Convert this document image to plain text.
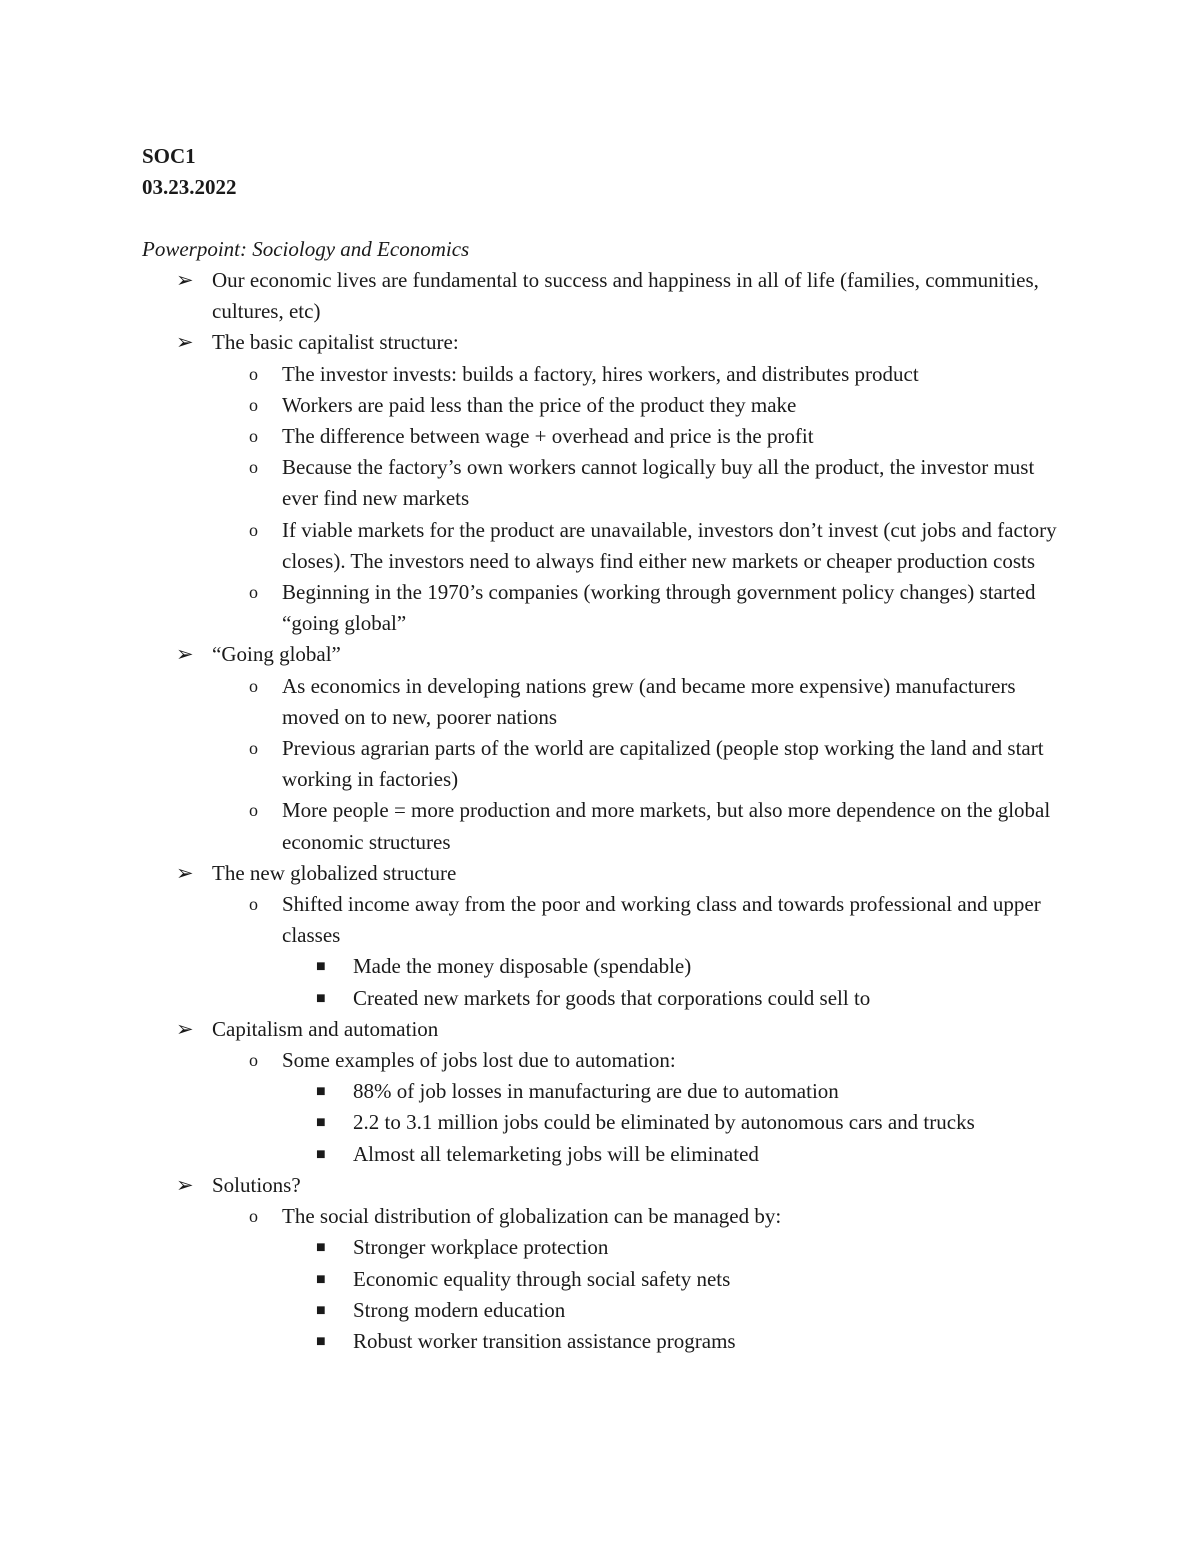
SOC1
03.23.2022
Powerpoint: Sociology and Economics
➢ Our economic lives are fundamental to success and happiness in all of life (families, communities, cultures, etc)
➢ The basic capitalist structure:
o The investor invests: builds a factory, hires workers, and distributes product
o Workers are paid less than the price of the product they make
o The difference between wage + overhead and price is the profit
o Because the factory’s own workers cannot logically buy all the product, the investor must ever find new markets
o If viable markets for the product are unavailable, investors don’t invest (cut jobs and factory closes). The investors need to always find either new markets or cheaper production costs
o Beginning in the 1970’s companies (working through government policy changes) started “going global”
➢ “Going global”
o As economics in developing nations grew (and became more expensive) manufacturers moved on to new, poorer nations
o Previous agrarian parts of the world are capitalized (people stop working the land and start working in factories)
o More people = more production and more markets, but also more dependence on the global economic structures
➢ The new globalized structure
o Shifted income away from the poor and working class and towards professional and upper classes
■ Made the money disposable (spendable)
■ Created new markets for goods that corporations could sell to
➢ Capitalism and automation
o Some examples of jobs lost due to automation:
■ 88% of job losses in manufacturing are due to automation
■ 2.2 to 3.1 million jobs could be eliminated by autonomous cars and trucks
■ Almost all telemarketing jobs will be eliminated
➢ Solutions?
o The social distribution of globalization can be managed by:
■ Stronger workplace protection
■ Economic equality through social safety nets
■ Strong modern education
■ Robust worker transition assistance programs
